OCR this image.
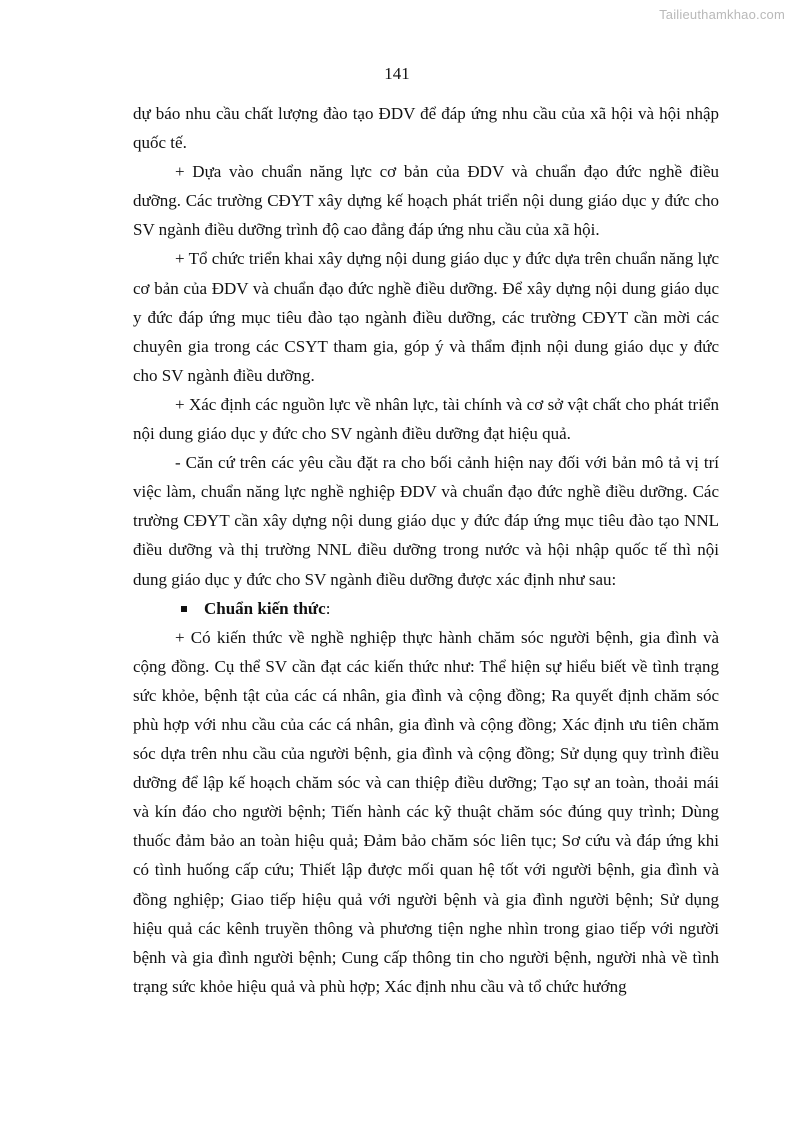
Tailieuthamkhao.com
141

dự báo nhu cầu chất lượng đào tạo ĐDV để đáp ứng nhu cầu của xã hội và hội nhập quốc tế.

+ Dựa vào chuẩn năng lực cơ bản của ĐDV và chuẩn đạo đức nghề điều dưỡng. Các trường CĐYT xây dựng kế hoạch phát triển nội dung giáo dục y đức cho SV ngành điều dưỡng trình độ cao đẳng đáp ứng nhu cầu của xã hội.

+ Tổ chức triển khai xây dựng nội dung giáo dục y đức dựa trên chuẩn năng lực cơ bản của ĐDV và chuẩn đạo đức nghề điều dưỡng. Để xây dựng nội dung giáo dục y đức đáp ứng mục tiêu đào tạo ngành điều dưỡng, các trường CĐYT cần mời các chuyên gia trong các CSYT tham gia, góp ý và thẩm định nội dung giáo dục y đức cho SV ngành điều dưỡng.

+ Xác định các nguồn lực về nhân lực, tài chính và cơ sở vật chất cho phát triển nội dung giáo dục y đức cho SV ngành điều dưỡng đạt hiệu quả.

- Căn cứ trên các yêu cầu đặt ra cho bối cảnh hiện nay đối với bản mô tả vị trí việc làm, chuẩn năng lực nghề nghiệp ĐDV và chuẩn đạo đức nghề điều dưỡng. Các trường CĐYT cần xây dựng nội dung giáo dục y đức đáp ứng mục tiêu đào tạo NNL điều dưỡng và thị trường NNL điều dưỡng trong nước và hội nhập quốc tế thì nội dung giáo dục y đức cho SV ngành điều dưỡng được xác định như sau:

Chuẩn kiến thức:

+ Có kiến thức về nghề nghiệp thực hành chăm sóc người bệnh, gia đình và cộng đồng. Cụ thể SV cần đạt các kiến thức như: Thể hiện sự hiểu biết về tình trạng sức khỏe, bệnh tật của các cá nhân, gia đình và cộng đồng; Ra quyết định chăm sóc phù hợp với nhu cầu của các cá nhân, gia đình và cộng đồng; Xác định ưu tiên chăm sóc dựa trên nhu cầu của người bệnh, gia đình và cộng đồng; Sử dụng quy trình điều dưỡng để lập kế hoạch chăm sóc và can thiệp điều dưỡng; Tạo sự an toàn, thoải mái và kín đáo cho người bệnh; Tiến hành các kỹ thuật chăm sóc đúng quy trình; Dùng thuốc đảm bảo an toàn hiệu quả; Đảm bảo chăm sóc liên tục; Sơ cứu và đáp ứng khi có tình huống cấp cứu; Thiết lập được mối quan hệ tốt với người bệnh, gia đình và đồng nghiệp; Giao tiếp hiệu quả với người bệnh và gia đình người bệnh; Sử dụng hiệu quả các kênh truyền thông và phương tiện nghe nhìn trong giao tiếp với người bệnh và gia đình người bệnh; Cung cấp thông tin cho người bệnh, người nhà về tình trạng sức khỏe hiệu quả và phù hợp; Xác định nhu cầu và tổ chức hướng
